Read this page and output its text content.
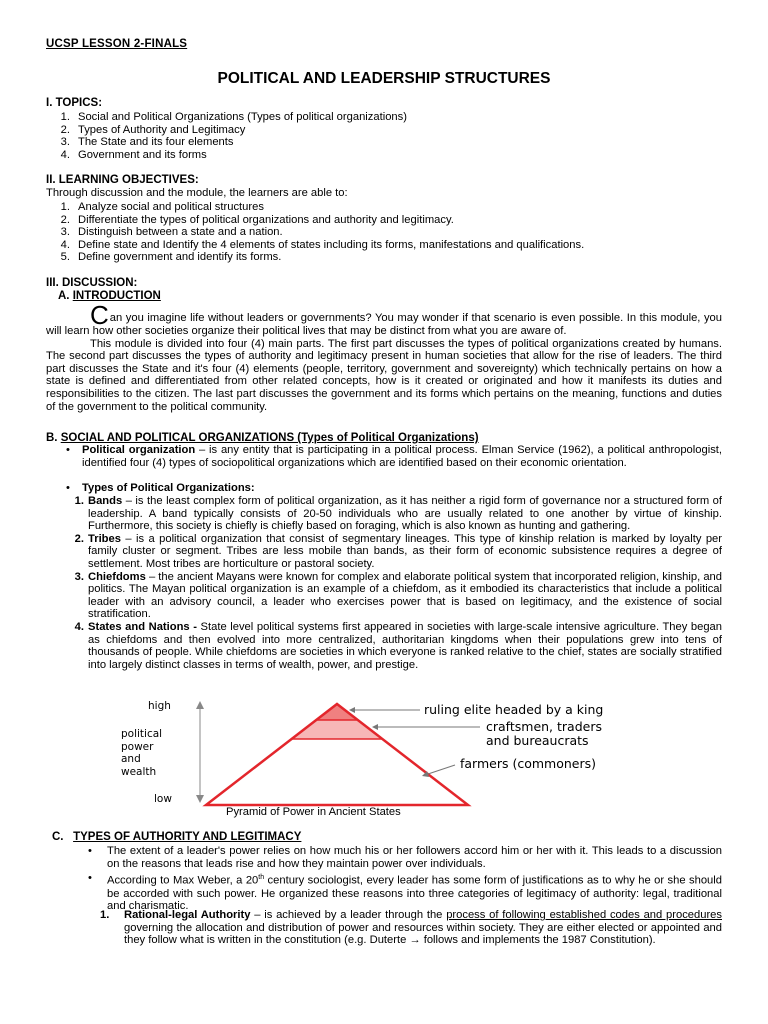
UCSP LESSON 2-FINALS
POLITICAL AND LEADERSHIP STRUCTURES
I. TOPICS:
1. Social and Political Organizations (Types of political organizations)
2. Types of Authority and Legitimacy
3. The State and its four elements
4. Government and its forms
II. LEARNING OBJECTIVES:
Through discussion and the module, the learners are able to:
1. Analyze social and political structures
2. Differentiate the types of political organizations and authority and legitimacy.
3. Distinguish between a state and a nation.
4. Define state and Identify the 4 elements of states including its forms, manifestations and qualifications.
5. Define government and identify its forms.
III. DISCUSSION:
A. INTRODUCTION

Can you imagine life without leaders or governments? You may wonder if that scenario is even possible. In this module, you will learn how other societies organize their political lives that may be distinct from what you are aware of.

This module is divided into four (4) main parts. The first part discusses the types of political organizations created by humans. The second part discusses the types of authority and legitimacy present in human societies that allow for the rise of leaders. The third part discusses the State and it's four (4) elements (people, territory, government and sovereignty) which technically pertains on how a state is defined and differentiated from other related concepts, how is it created or originated and how it manifests its duties and responsibilities to the citizen. The last part discusses the government and its forms which pertains on the meaning, functions and duties of the government to the political community.

B. SOCIAL AND POLITICAL ORGANIZATIONS (Types of Political Organizations)
•	Political organization – is any entity that is participating in a political process. Elman Service (1962), a political anthropologist, identified four (4) types of sociopolitical organizations which are identified based on their economic orientation.

• Types of Political Organizations:
1. Bands – is the least complex form of political organization, as it has neither a rigid form of governance nor a structured form of leadership. A band typically consists of 20-50 individuals who are usually related to one another by virtue of kinship. Furthermore, this society is chiefly is chiefly based on foraging, which is also known as hunting and gathering.

2. Tribes – is a political organization that consist of segmentary lineages. This type of kinship relation is marked by loyalty per family cluster or segment. Tribes are less mobile than bands, as their form of economic subsistence requires a degree of settlement. Most tribes are horticulture or pastoral society.

3. Chiefdoms – the ancient Mayans were known for complex and elaborate political system that incorporated religion, kinship, and politics. The Mayan political organization is an example of a chiefdom, as it embodied its characteristics that include a political leader with an advisory council, a leader who exercises power that is based on legitimacy, and the existence of social stratification.

4. States and Nations - State level political systems first appeared in societies with large-scale intensive agriculture. They began as chiefdoms and then evolved into more centralized, authoritarian kingdoms when their populations grew into tens of thousands of people. While chiefdoms are societies in which everyone is ranked relative to the chief, states are socially stratified into largely distinct classes in terms of wealth, power, and prestige.

high
political
power
and
wealth
low
ruling elite headed by a king
craftsmen, traders
and bureaucrats
farmers (commoners)
Pyramid of Power in Ancient States
C. TYPES OF AUTHORITY AND LEGITIMACY
•	The extent of a leader's power relies on how much his or her followers accord him or her with it. This leads to a discussion on the reasons that leads rise and how they maintain power over individuals.

•	According to Max Weber, a 20th century sociologist, every leader has some form of justifications as to why he or she should be accorded with such power. He organized these reasons into three categories of legitimacy of authority: legal, traditional and charismatic.

1.	Rational-legal Authority – is achieved by a leader through the process of following established codes and procedures governing the allocation and distribution of power and resources within society. They are either elected or appointed and they follow what is written in the constitution (e.g. Duterte → follows and implements the 1987 Constitution).
